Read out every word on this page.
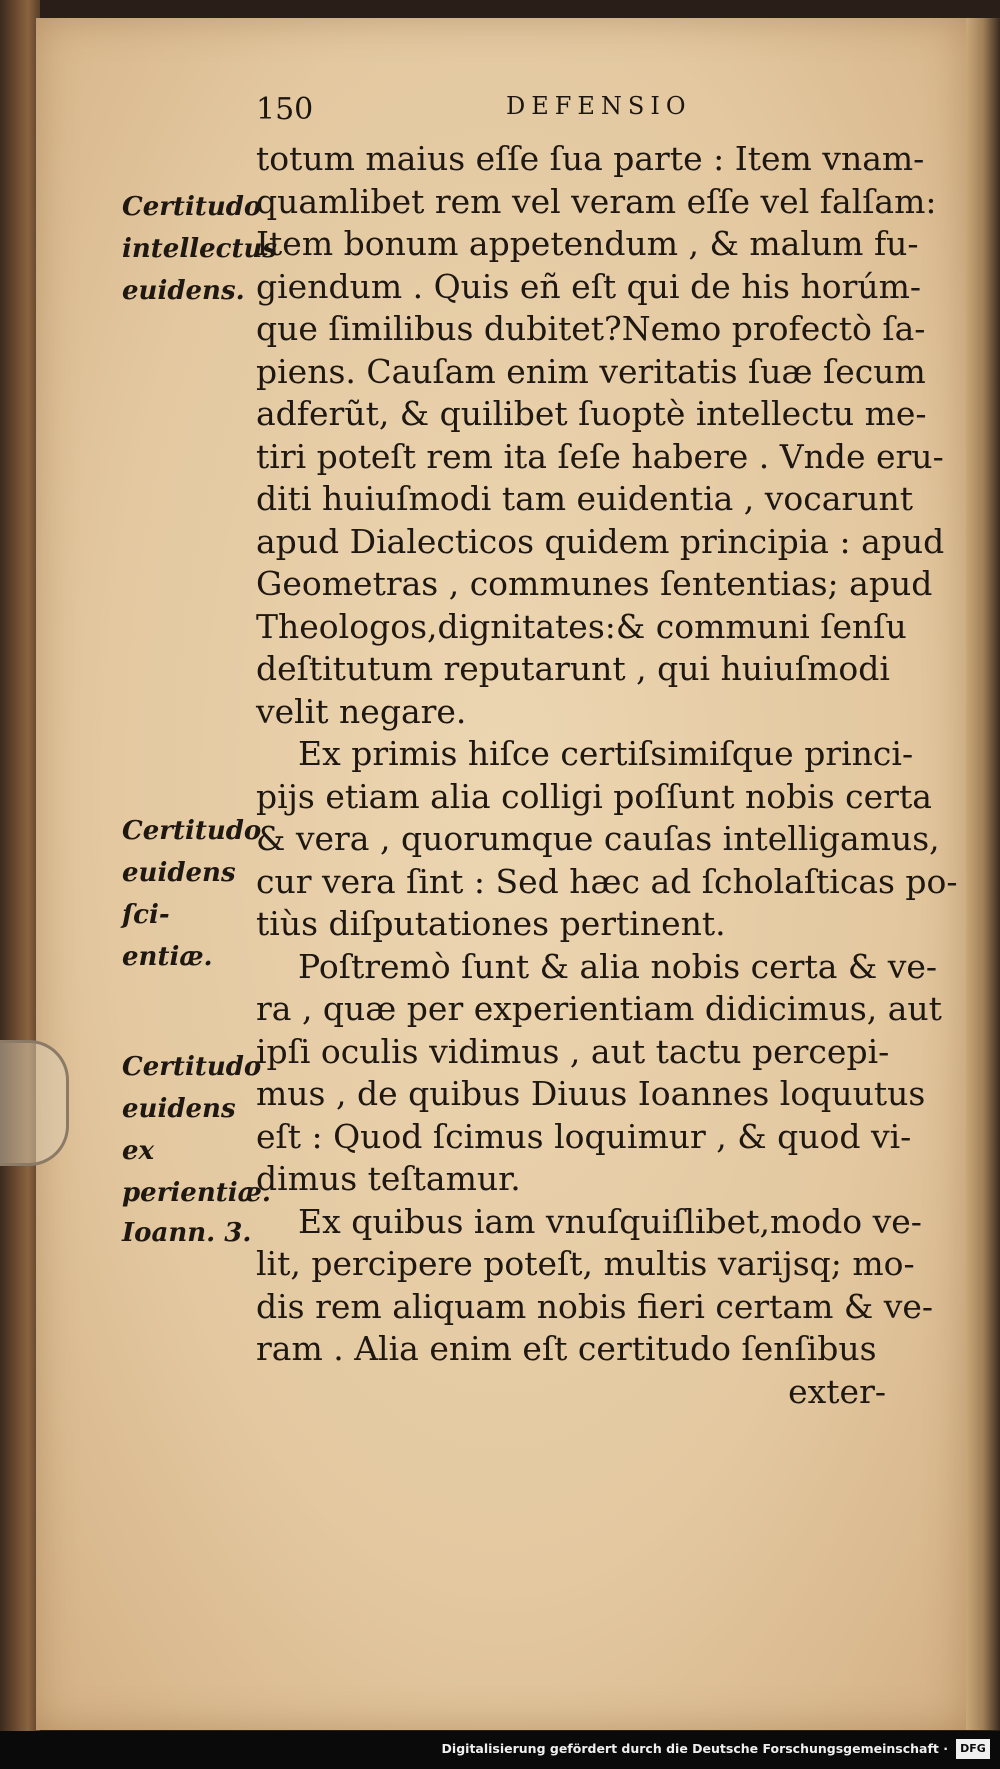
150	DEFENSIO
totum maius eſſe ſua parte : Item vnam-
quamlibet rem vel veram eſſe vel falſam:
Item bonum appetendum , & malum fu-
giendum . Quis eñ eſt qui de his horúm-
que ſimilibus dubitet?Nemo profectò ſa-
piens. Cauſam enim veritatis ſuæ ſecum
adferũt, & quilibet ſuoptè intellectu me-
tiri poteſt rem ita ſeſe habere . Vnde eru-
diti huiuſmodi tam euidentia , vocarunt
apud Dialecticos quidem principia : apud
Geometras , communes ſententias; apud
Theologos,dignitates:& communi ſenſu
deſtitutum reputarunt , qui huiuſmodi
velit negare.
Ex primis hiſce certiſsimiſque princi-
pijs etiam alia colligi poſſunt nobis certa
& vera , quorumque cauſas intelligamus,
cur vera ſint : Sed hæc ad ſcholaſticas po-
tiùs diſputationes pertinent.
Poſtremò ſunt & alia nobis certa & ve-
ra , quæ per experientiam didicimus, aut
ipſi oculis vidimus , aut tactu percepi-
mus , de quibus Diuus Ioannes loquutus
eſt : Quod ſcimus loquimur , & quod vi-
dimus teſtamur.
Ex quibus iam vnuſquiſlibet,modo ve-
lit, percipere poteſt, multis varijsq; mo-
dis rem aliquam nobis fieri certam & ve-
ram . Alia enim eſt certitudo ſenſibus
exter-
Certitudo
intellectus
euidens.
Certitudo
euidens ſci-
entiæ.
Certitudo
euidens ex
perientiæ.
Ioann. 3.
Digitalisierung gefördert durch die Deutsche Forschungsgemeinschaft ·	DFG
